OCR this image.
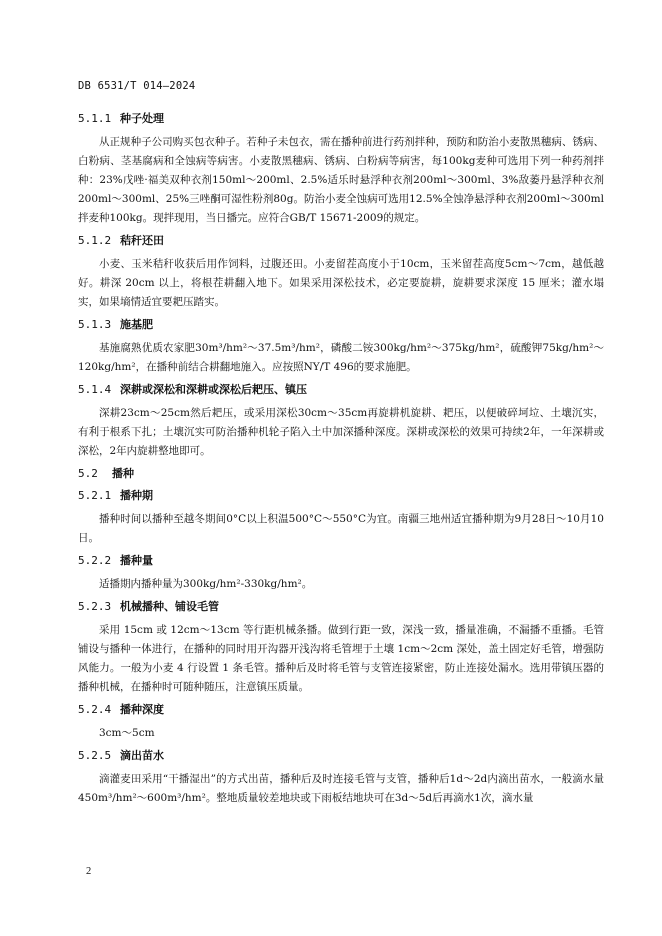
DB 6531/T 014—2024
5.1.1 种子处理

从正规种子公司购买包衣种子。若种子未包衣，需在播种前进行药剂拌种，预防和防治小麦散黑穗病、锈病、白粉病、茎基腐病和全蚀病等病害。小麦散黑穗病、锈病、白粉病等病害，每100kg麦种可选用下列一种药剂拌种：23%戊唑·福美双种衣剂150ml～200ml、2.5%适乐时悬浮种衣剂200ml～300ml、3%敌萎丹悬浮种衣剂200ml～300ml、25%三唑酮可湿性粉剂80g。防治小麦全蚀病可选用12.5%全蚀净悬浮种衣剂200ml～300ml拌麦种100kg。现拌现用，当日播完。应符合GB/T 15671-2009的规定。

5.1.2 秸秆还田

小麦、玉米秸秆收获后用作饲料，过腹还田。小麦留茬高度小于10cm，玉米留茬高度5cm～7cm，越低越好。耕深 20cm 以上，将根茬耕翻入地下。如果采用深松技术，必定要旋耕，旋耕要求深度 15 厘米；灌水塌实，如果墒情适宜要耙压踏实。

5.1.3 施基肥

基施腐熟优质农家肥30m³/hm²～37.5m³/hm²，磷酸二铵300kg/hm²～375kg/hm²，硫酸钾75kg/hm²～120kg/hm²，在播种前结合耕翻地施入。应按照NY/T 496的要求施肥。

5.1.4 深耕或深松和深耕或深松后耙压、镇压

深耕23cm～25cm然后耙压，或采用深松30cm～35cm再旋耕机旋耕、耙压，以便破碎坷垃、土壤沉实，有利于根系下扎；土壤沉实可防治播种机轮子陷入土中加深播种深度。深耕或深松的效果可持续2年，一年深耕或深松，2年内旋耕整地即可。

5.2 播种
5.2.1 播种期

播种时间以播种至越冬期间0°C以上积温500°C～550°C为宜。南疆三地州适宜播种期为9月28日～10月10日。

5.2.2 播种量

适播期内播种量为300kg/hm²-330kg/hm²。

5.2.3 机械播种、铺设毛管

采用 15cm 或 12cm～13cm 等行距机械条播。做到行距一致，深浅一致，播量准确，不漏播不重播。毛管铺设与播种一体进行，在播种的同时用开沟器开浅沟将毛管埋于土壤 1cm～2cm 深处，盖土固定好毛管，增强防风能力。一般为小麦 4 行设置 1 条毛管。播种后及时将毛管与支管连接紧密，防止连接处漏水。选用带镇压器的播种机械，在播种时可随种随压，注意镇压质量。

5.2.4 播种深度

3cm～5cm

5.2.5 滴出苗水

滴灌麦田采用“干播湿出”的方式出苗，播种后及时连接毛管与支管，播种后1d～2d内滴出苗水，一般滴水量450m³/hm²～600m³/hm²。整地质量较差地块或下雨板结地块可在3d～5d后再滴水1次，滴水量

2
